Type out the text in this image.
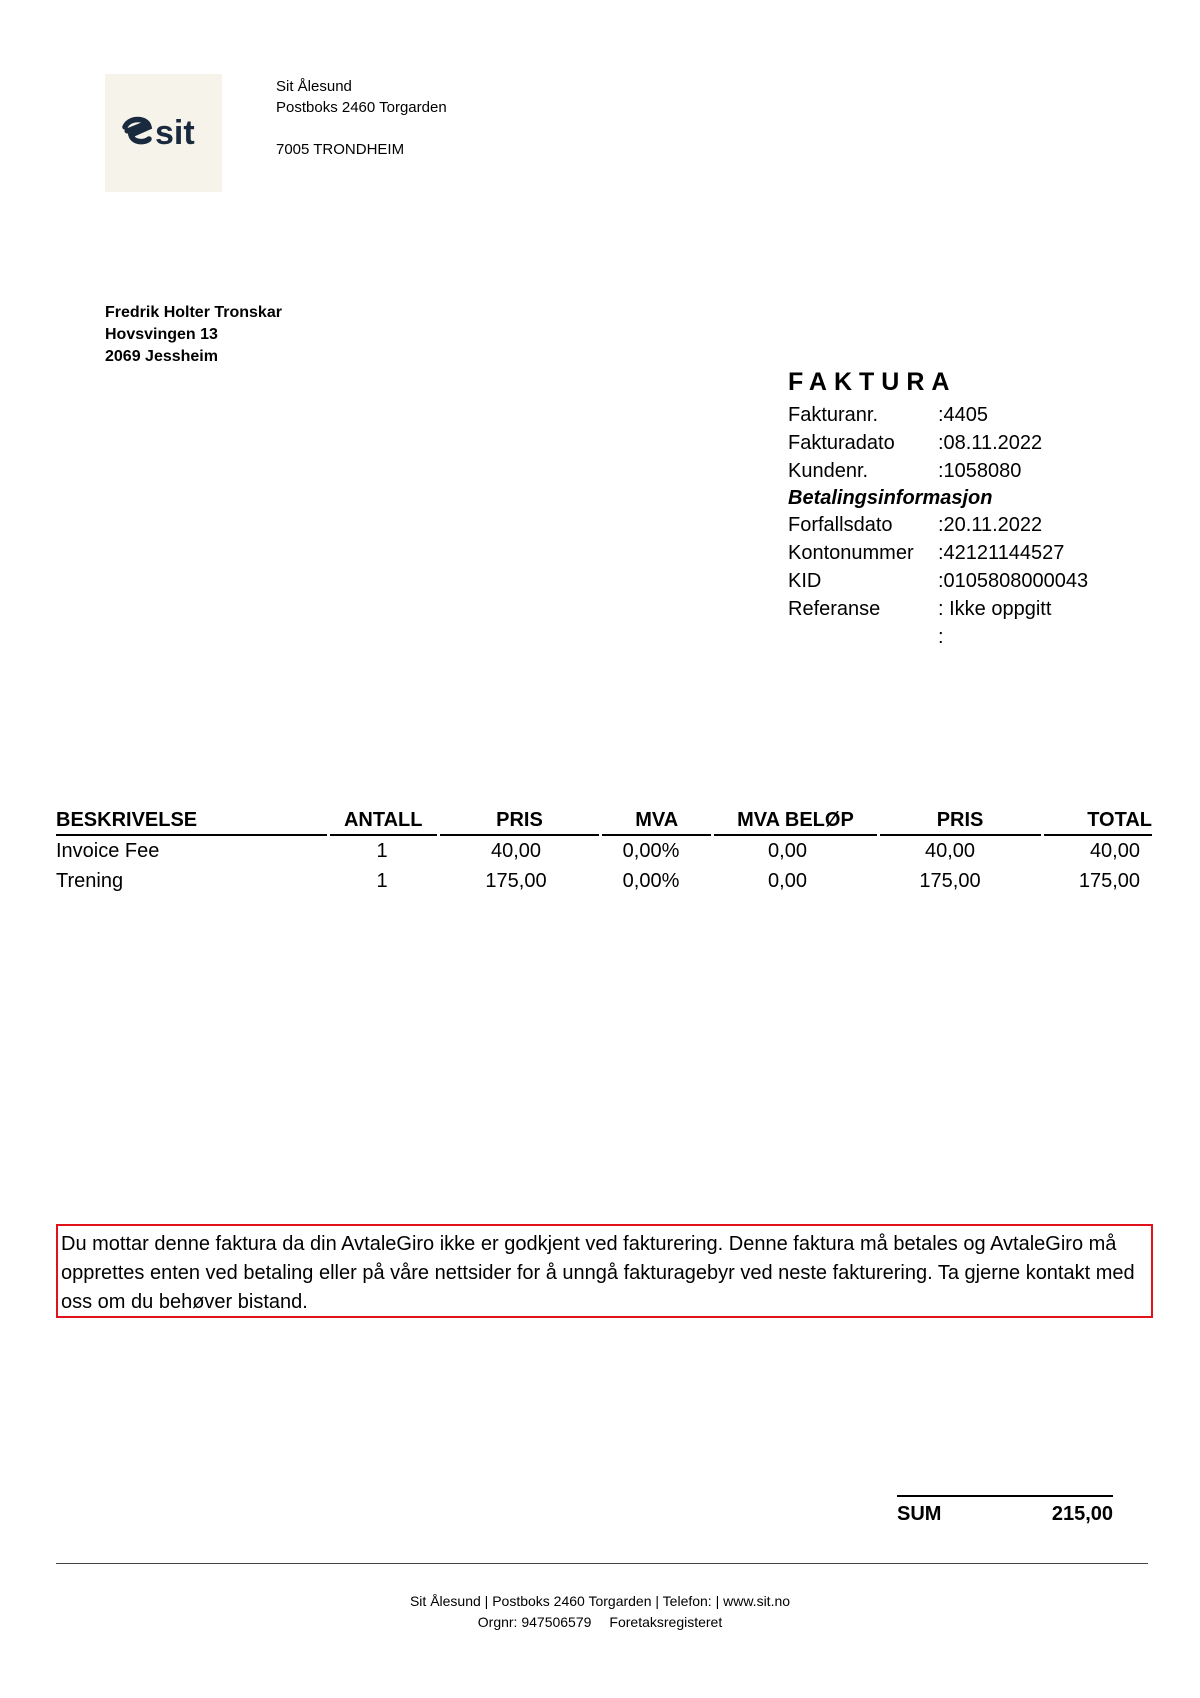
sit
Sit Ålesund
Postboks 2460 Torgarden
7005 TRONDHEIM
Fredrik Holter Tronskar
Hovsvingen 13
2069 Jessheim
FAKTURA
Fakturanr.	:4405
Fakturadato	:08.11.2022
Kundenr.	:1058080
Betalingsinformasjon
Forfallsdato	:20.11.2022
Kontonummer	:42121144527
KID	:0105808000043
Referanse	: Ikke oppgitt
:
BESKRIVELSE	ANTALL	PRIS	MVA	MVA BELØP	PRIS	TOTAL
Invoice Fee	1	40,00	0,00%	0,00	40,00	40,00
Trening	1	175,00	0,00%	0,00	175,00	175,00
Du mottar denne faktura da din AvtaleGiro ikke er godkjent ved fakturering. Denne faktura må betales og AvtaleGiro må opprettes enten ved betaling eller på våre nettsider for å unngå fakturagebyr ved neste fakturering. Ta gjerne kontakt med oss om du behøver bistand.
SUM	215,00
Sit Ålesund | Postboks 2460 Torgarden | Telefon: | www.sit.no
Orgnr: 947506579 Foretaksregisteret
